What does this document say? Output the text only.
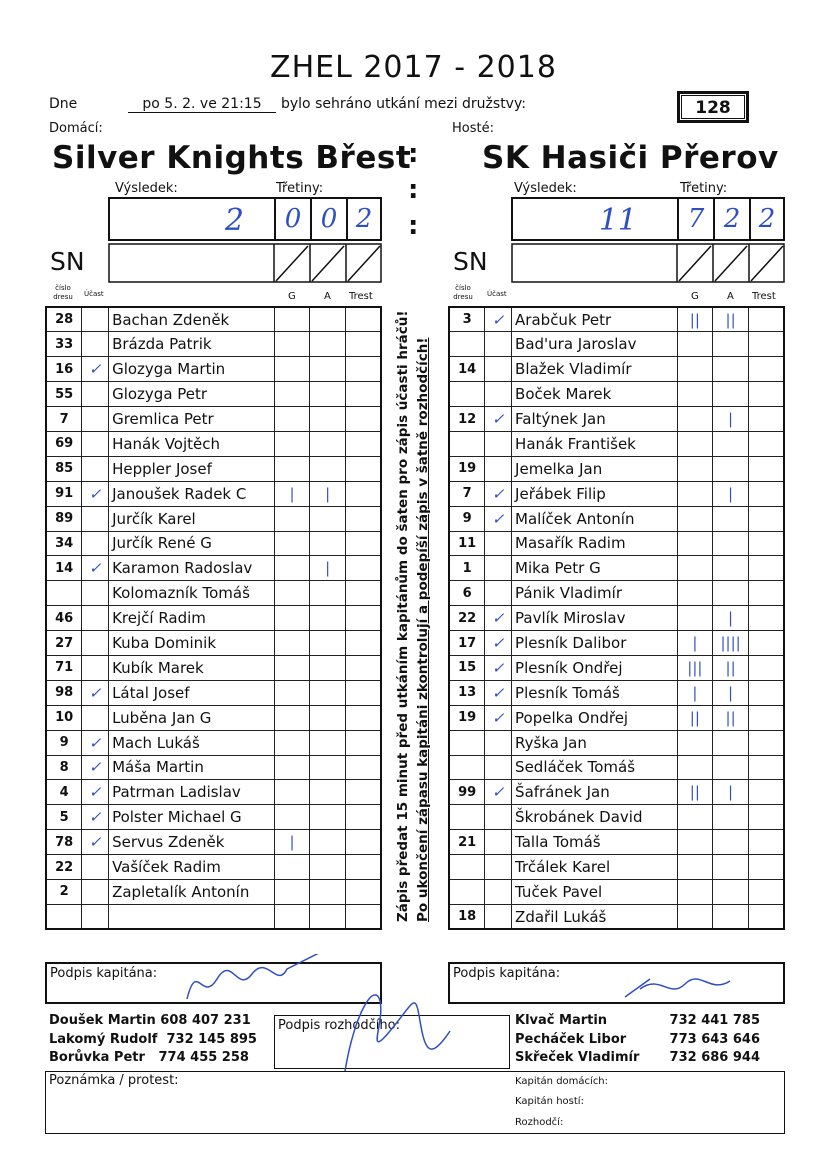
ZHEL 2017 - 2018
Dne	po 5. 2. ve 21:15	bylo sehráno utkání mezi družstvy:	128
Domácí:	Hosté:
Silver Knights Břest SK Hasiči Přerov
:

:

:
Výsledek:	Třetiny:
2	0 0 2
Výsledek:	Třetiny:
11	7 2 2
SN	SN
číslo dresu Účast	G	A Trest
číslo dresu Účast	G	A Trest
28		Bachan Zdeněk			
33		Brázda Patrik			
16	✓	Glozyga Martin			
55		Glozyga Petr			
7		Gremlica Petr			
69		Hanák Vojtěch			
85		Heppler Josef			
91	✓	Janoušek Radek C	|	|	
89		Jurčík Karel			
34		Jurčík René G			
14	✓	Karamon Radoslav		|	
		Kolomazník Tomáš			
46		Krejčí Radim			
27		Kuba Dominik			
71		Kubík Marek			
98	✓	Látal Josef			
10		Luběna Jan G			
9	✓	Mach Lukáš			
8	✓	Máša Martin			
4	✓	Patrman Ladislav			
5	✓	Polster Michael G			
78	✓	Servus Zdeněk	|		
22		Vašíček Radim			
2		Zapletalík Antonín			

3	✓	Arabčuk Petr	||	||	
		Bad'ura Jaroslav			
14		Blažek Vladimír			
		Boček Marek			
12	✓	Faltýnek Jan		|	
		Hanák František			
19		Jemelka Jan			
7	✓	Jeřábek Filip		|	
9	✓	Malíček Antonín			
11		Masařík Radim			
1		Mika Petr G			
6		Pánik Vladimír			
22	✓	Pavlík Miroslav		|	
17	✓	Plesník Dalibor	|	||||	
15	✓	Plesník Ondřej	|||	||	
13	✓	Plesník Tomáš	|	|	
19	✓	Popelka Ondřej	||	||	
		Ryška Jan			
		Sedláček Tomáš			
99	✓	Šafránek Jan	||	|	
		Škrobánek David			
21		Talla Tomáš			
		Trčálek Karel			
		Tuček Pavel			
18		Zdařil Lukáš			
Zápis předat 15 minut před utkáním kapitánům do šaten pro zápis účasti hráčů! Po ukončení zápasu kapitáni zkontrolují a podepíší zápis v šatně rozhodčích!
Podpis kapitána:	Podpis kapitána:
Doušek Martin 608 407 231
Lakomý Rudolf 732 145 895
Borůvka Petr 774 455 258
Podpis rozhodčího:	Klvač Martin	732 441 785
Pecháček Libor	773 643 646
Skřeček Vladimír 732 686 944
Poznámka / protest:	Kapitán domácích:
Kapitán hostí:
Rozhodčí:
